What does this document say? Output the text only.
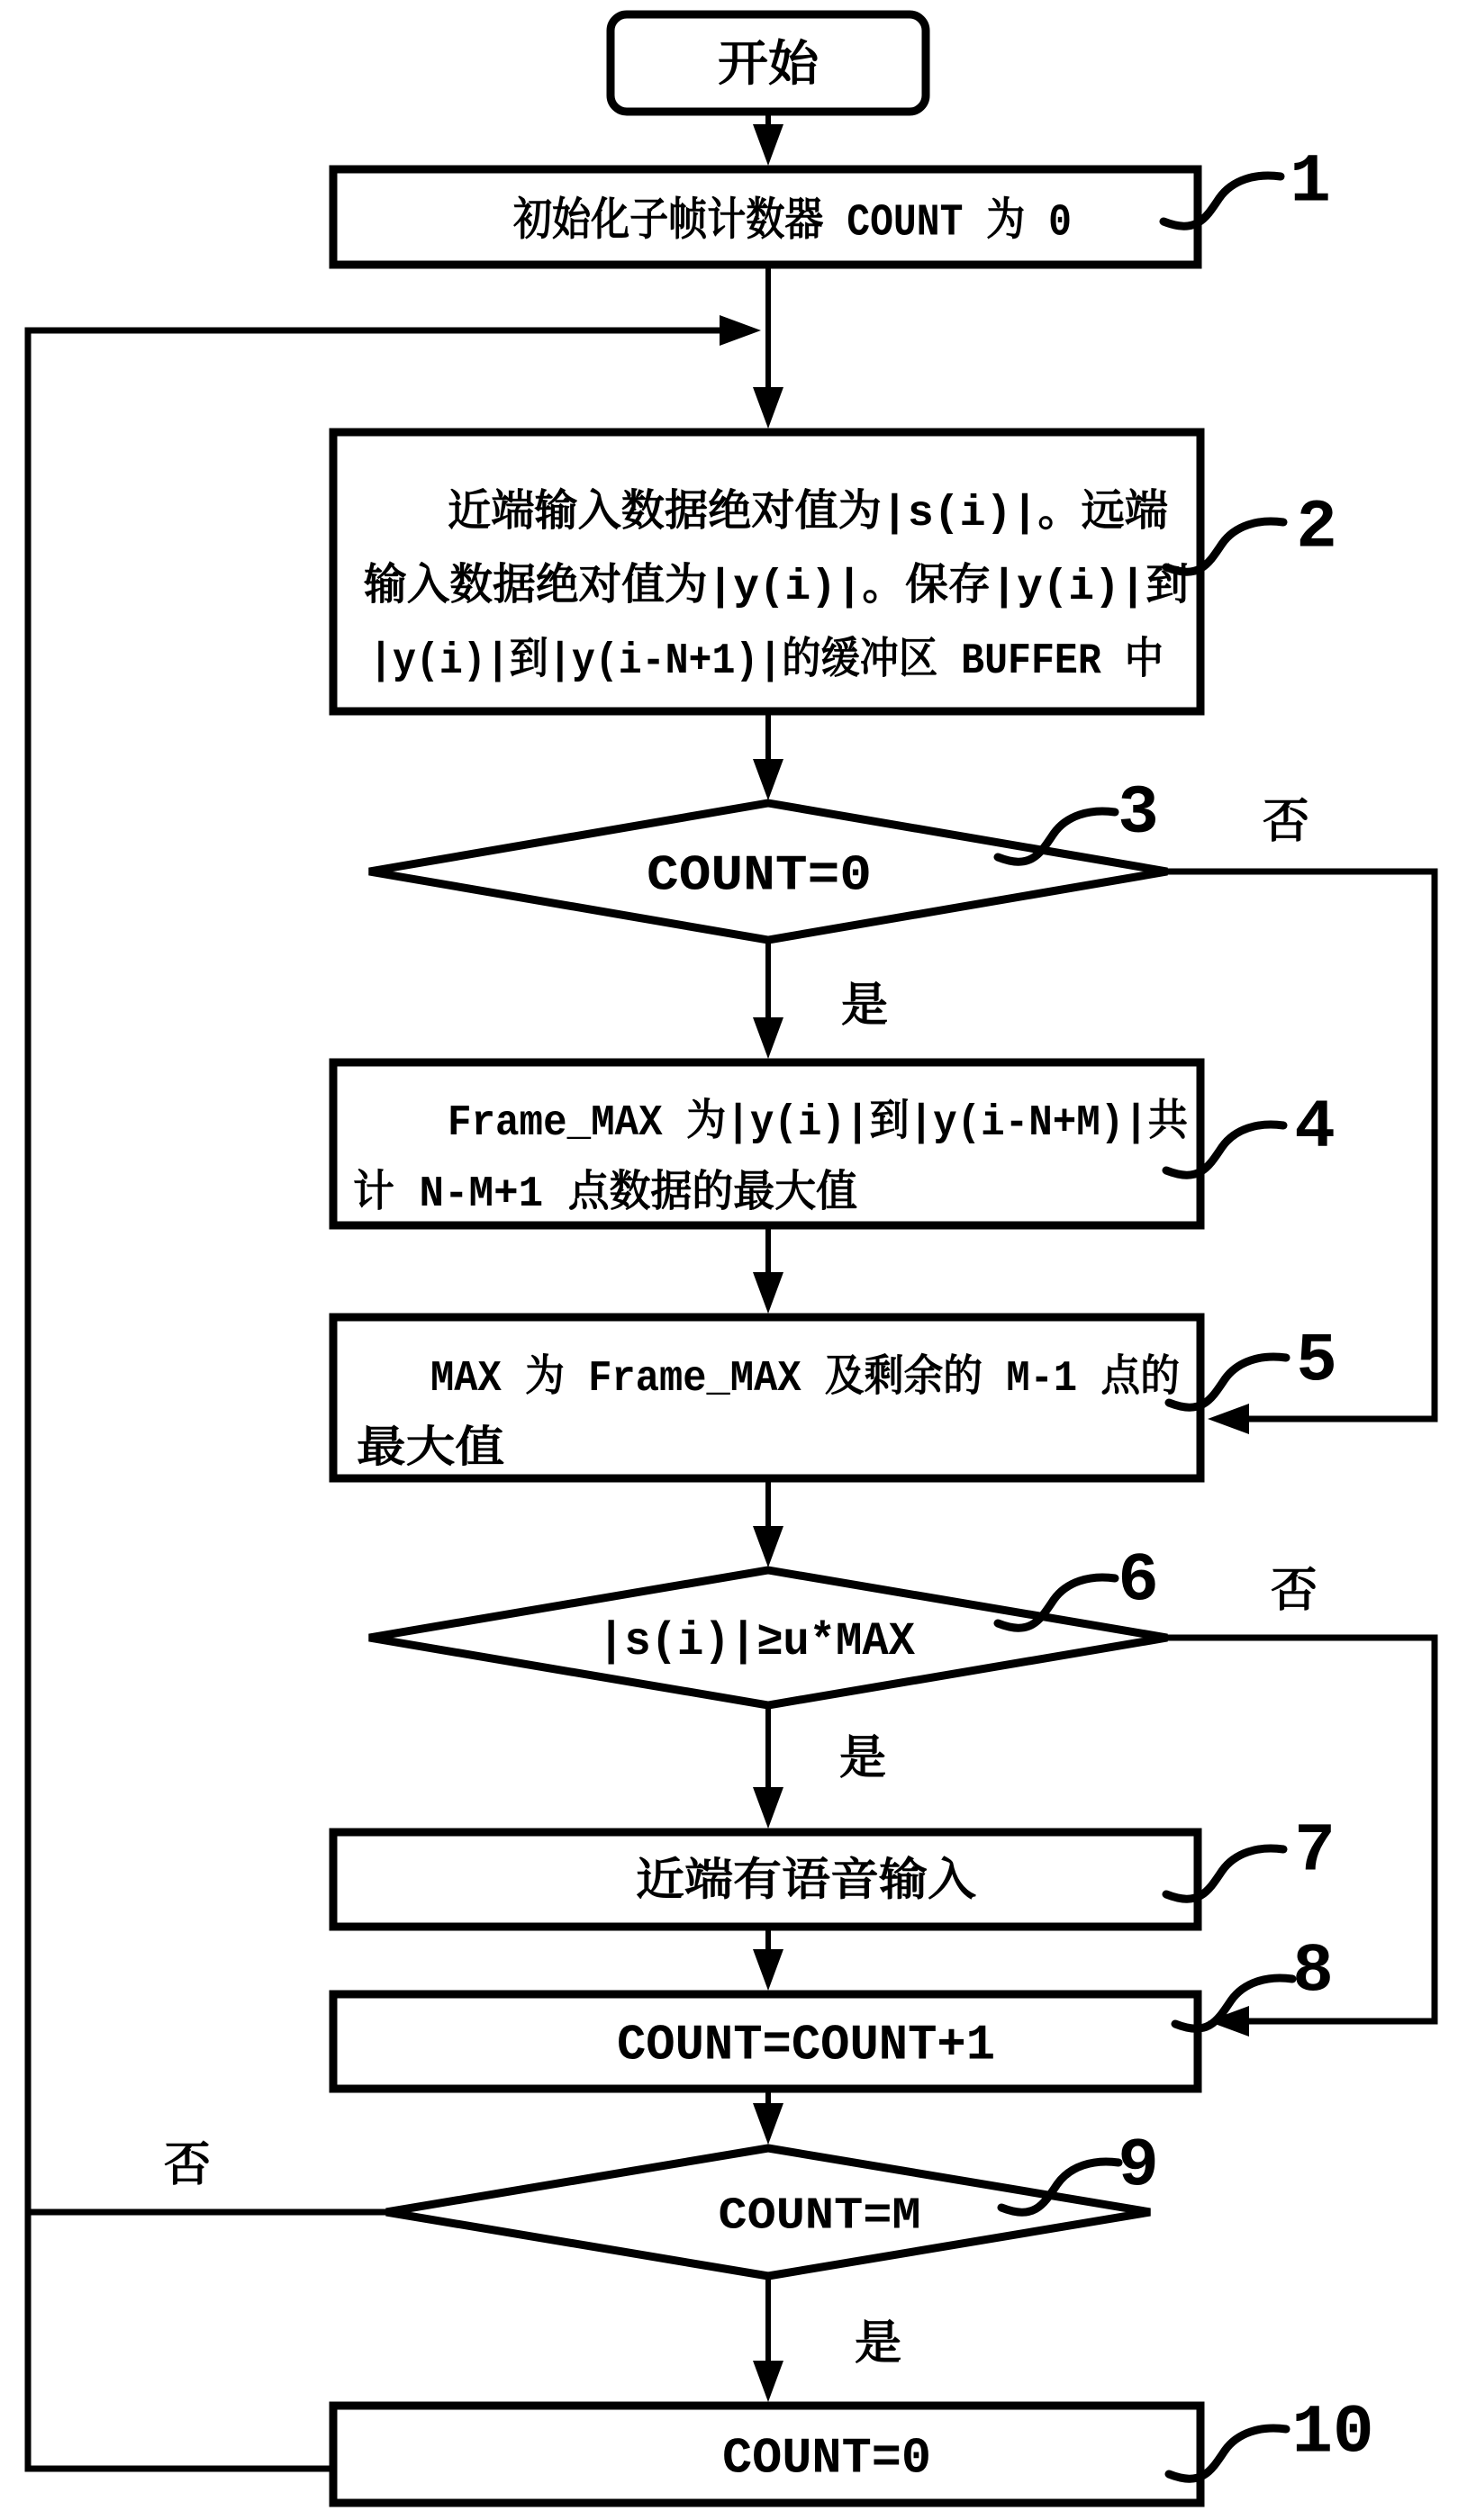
开始
初始化子帧计数器 COUNT 为 0
近端输入数据绝对值为|s(i)|。远端
输入数据绝对值为|y(i)|。保存|y(i)|到
|y(i)|到|y(i-N+1)|的缓冲区 BUFFER 中
COUNT=0
Frame_MAX 为|y(i)|到|y(i-N+M)|共
计 N-M+1 点数据的最大值
MAX 为 Frame_MAX 及剩余的 M-1 点的
最大值
|s(i)|≥u*MAX
近端有语音输入
COUNT=COUNT+1
COUNT=M
COUNT=0
是
否
是
否
否
是
1
2
3
4
5
6
7
8
9
10
